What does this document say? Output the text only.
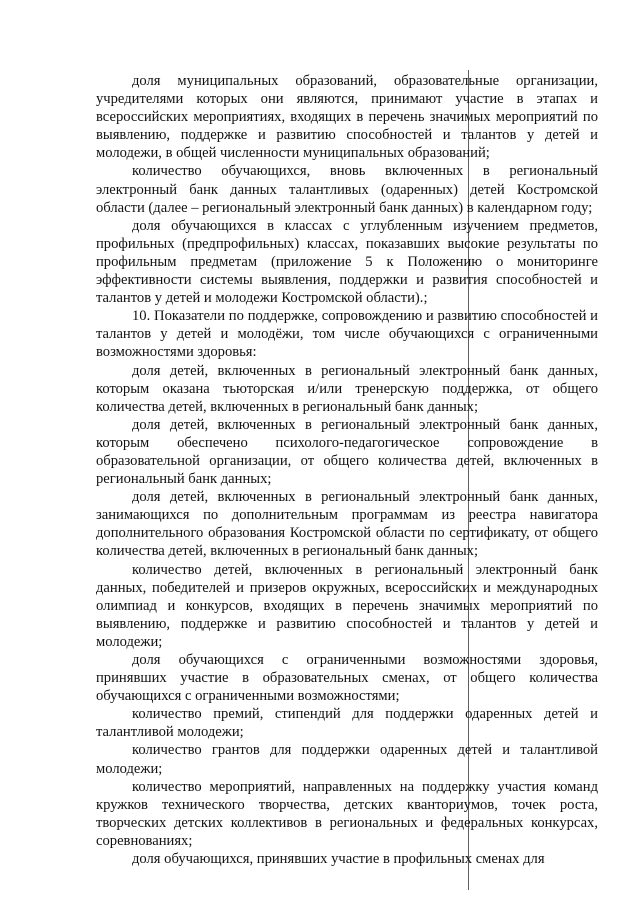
доля муниципальных образований, образовательные организации, учредителями которых они являются, принимают участие в этапах и всероссийских мероприятиях, входящих в перечень значимых мероприятий по выявлению, поддержке и развитию способностей и талантов у детей и молодежи, в общей численности муниципальных образований;

количество обучающихся, вновь включенных в региональный электронный банк данных талантливых (одаренных) детей Костромской области (далее – региональный электронный банк данных) в календарном году;

доля обучающихся в классах с углубленным изучением предметов, профильных (предпрофильных) классах, показавших высокие результаты по профильным предметам (приложение 5 к Положению о мониторинге эффективности системы выявления, поддержки и развития способностей и талантов у детей и молодежи Костромской области).;

10. Показатели по поддержке, сопровождению и развитию способностей и талантов у детей и молодёжи, том числе обучающихся с ограниченными возможностями здоровья:

доля детей, включенных в региональный электронный банк данных, которым оказана тьюторская и/или тренерскую поддержка, от общего количества детей, включенных в региональный банк данных;

доля детей, включенных в региональный электронный банк данных, которым обеспечено психолого-педагогическое сопровождение в образовательной организации, от общего количества детей, включенных в региональный банк данных;

доля детей, включенных в региональный электронный банк данных, занимающихся по дополнительным программам из реестра навигатора дополнительного образования Костромской области по сертификату, от общего количества детей, включенных в региональный банк данных;

количество детей, включенных в региональный электронный банк данных, победителей и призеров окружных, всероссийских и международных олимпиад и конкурсов, входящих в перечень значимых мероприятий по выявлению, поддержке и развитию способностей и талантов у детей и молодежи;

доля обучающихся с ограниченными возможностями здоровья, принявших участие в образовательных сменах, от общего количества обучающихся с ограниченными возможностями;

количество премий, стипендий для поддержки одаренных детей и талантливой молодежи;

количество грантов для поддержки одаренных детей и талантливой молодежи;

количество мероприятий, направленных на поддержку участия команд кружков технического творчества, детских кванториумов, точек роста, творческих детских коллективов в региональных и федеральных конкурсах, соревнованиях;

доля обучающихся, принявших участие в профильных сменах для
